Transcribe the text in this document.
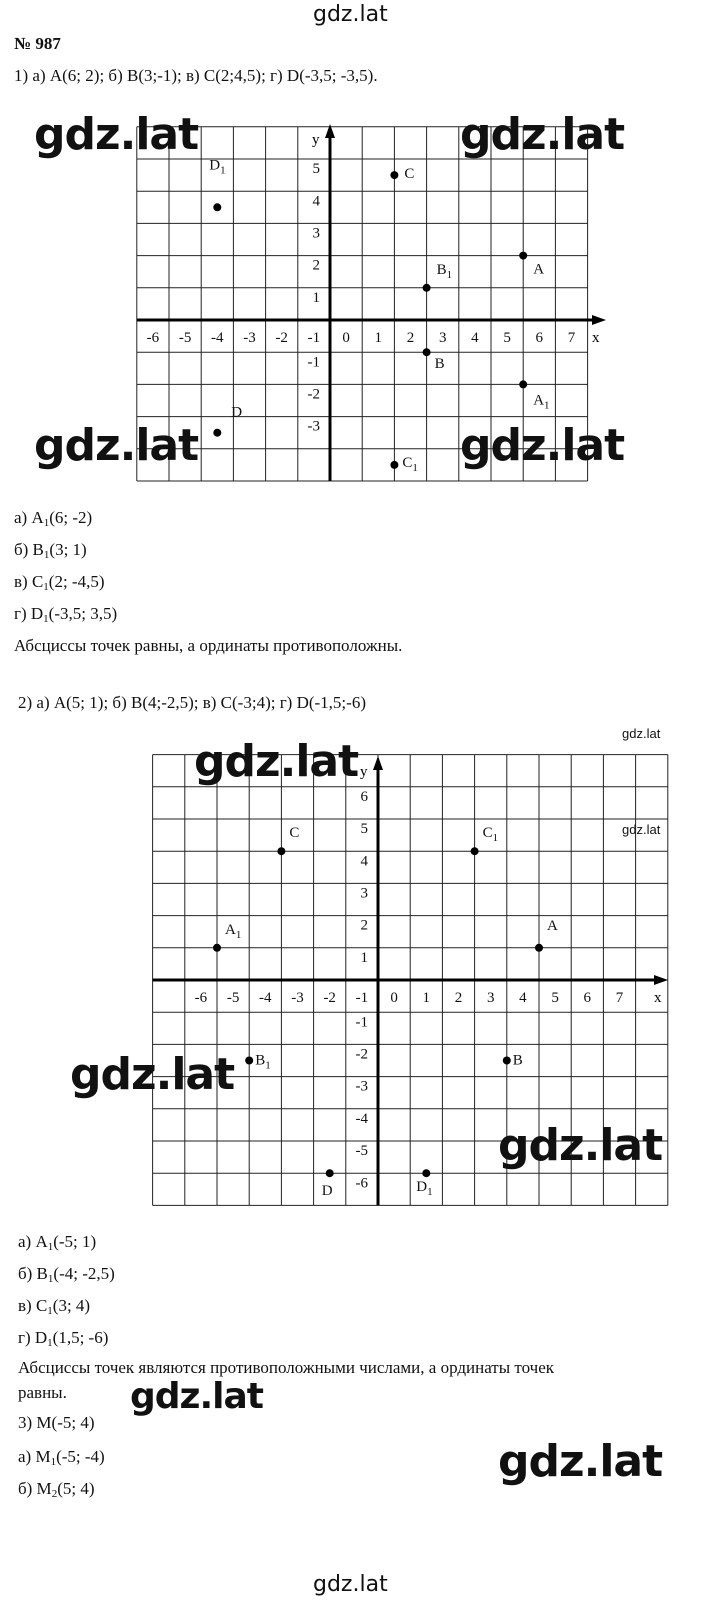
gdz.lat
gdz.lat
№ 987
1) а) A(6; 2); б) B(3;-1); в) C(2;4,5); г) D(-3,5; -3,5).
x
y
-6 -5 -4 -3 -2 -1 0 1 2 3 4 5 6 7
5
4
3
2
1
-1
-2
-3
A
B
C
D
$A_1$
$B_1$
$C_1$
$D_1$
gdz.lat	gdz.lat
gdz.lat	gdz.lat
а) $A_1(6$; -2)
б) $B_1(3$; 1)
в) $C_1(2$; -4,5)
г) $D_1(-3,5$; 3,5)
Абсциссы точек равны, а ординаты противоположны.
2) а) A(5; 1); б) B(4;-2,5); в) C(-3;4); г) D(-1,5;-6)
gdz.lat
gdz.lat
x
y
-6 -5 -4 -3 -2 -1 0 1 2 3 4 5 6 7
6
5
4
3
2
1
-1
-2
-3
-4
-5
-6
A
B
C
D
$A_1$
$B_1$
$C_1$
$D_1$
gdz.lat
gdz.lat
gdz.lat
а) $A_1(-5$; 1)
б) $B_1(-4$; -2,5)
в) $C_1(3$; 4)
г) $D_1(1,5$; -6)
Абсциссы точек являются противоположными числами, а ординаты точек
равны.
3) M(-5; 4)
а) $M_1(-5$; -4)
б) $M_2(5$; 4)
gdz.lat
gdz.lat
